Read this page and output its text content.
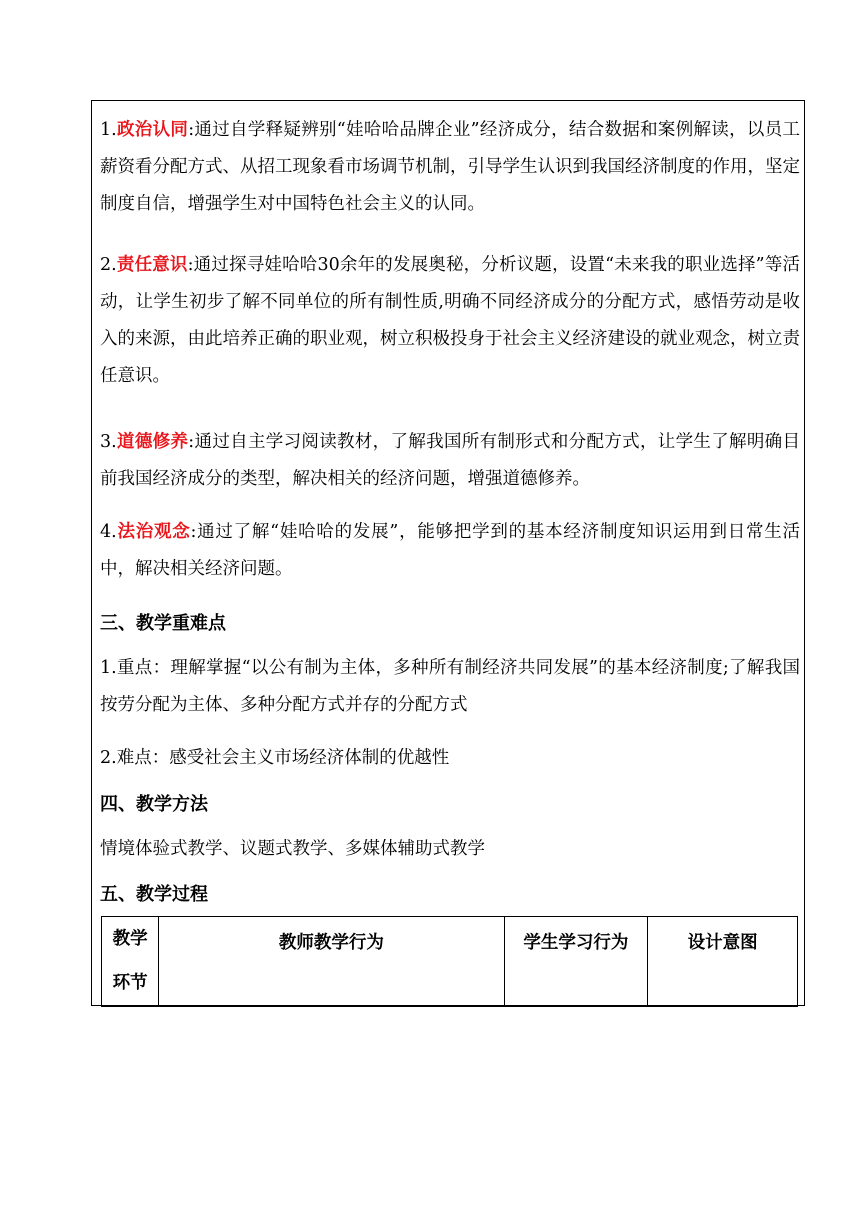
1.政治认同:通过自学释疑辨别“娃哈哈品牌企业”经济成分，结合数据和案例解读，以员工薪资看分配方式、从招工现象看市场调节机制，引导学生认识到我国经济制度的作用，坚定制度自信，增强学生对中国特色社会主义的认同。

2.责任意识:通过探寻娃哈哈30余年的发展奥秘，分析议题，设置“未来我的职业选择”等活动，让学生初步了解不同单位的所有制性质,明确不同经济成分的分配方式，感悟劳动是收入的来源，由此培养正确的职业观，树立积极投身于社会主义经济建设的就业观念，树立责任意识。

3.道德修养:通过自主学习阅读教材，了解我国所有制形式和分配方式，让学生了解明确目前我国经济成分的类型，解决相关的经济问题，增强道德修养。

4.法治观念:通过了解“娃哈哈的发展”，能够把学到的基本经济制度知识运用到日常生活中，解决相关经济问题。

三、教学重难点

1.重点：理解掌握“以公有制为主体，多种所有制经济共同发展”的基本经济制度;了解我国按劳分配为主体、多种分配方式并存的分配方式

2.难点：感受社会主义市场经济体制的优越性

四、教学方法

情境体验式教学、议题式教学、多媒体辅助式教学

五、教学过程
教学
环节
	教师教学行为	学生学习行为	设计意图
